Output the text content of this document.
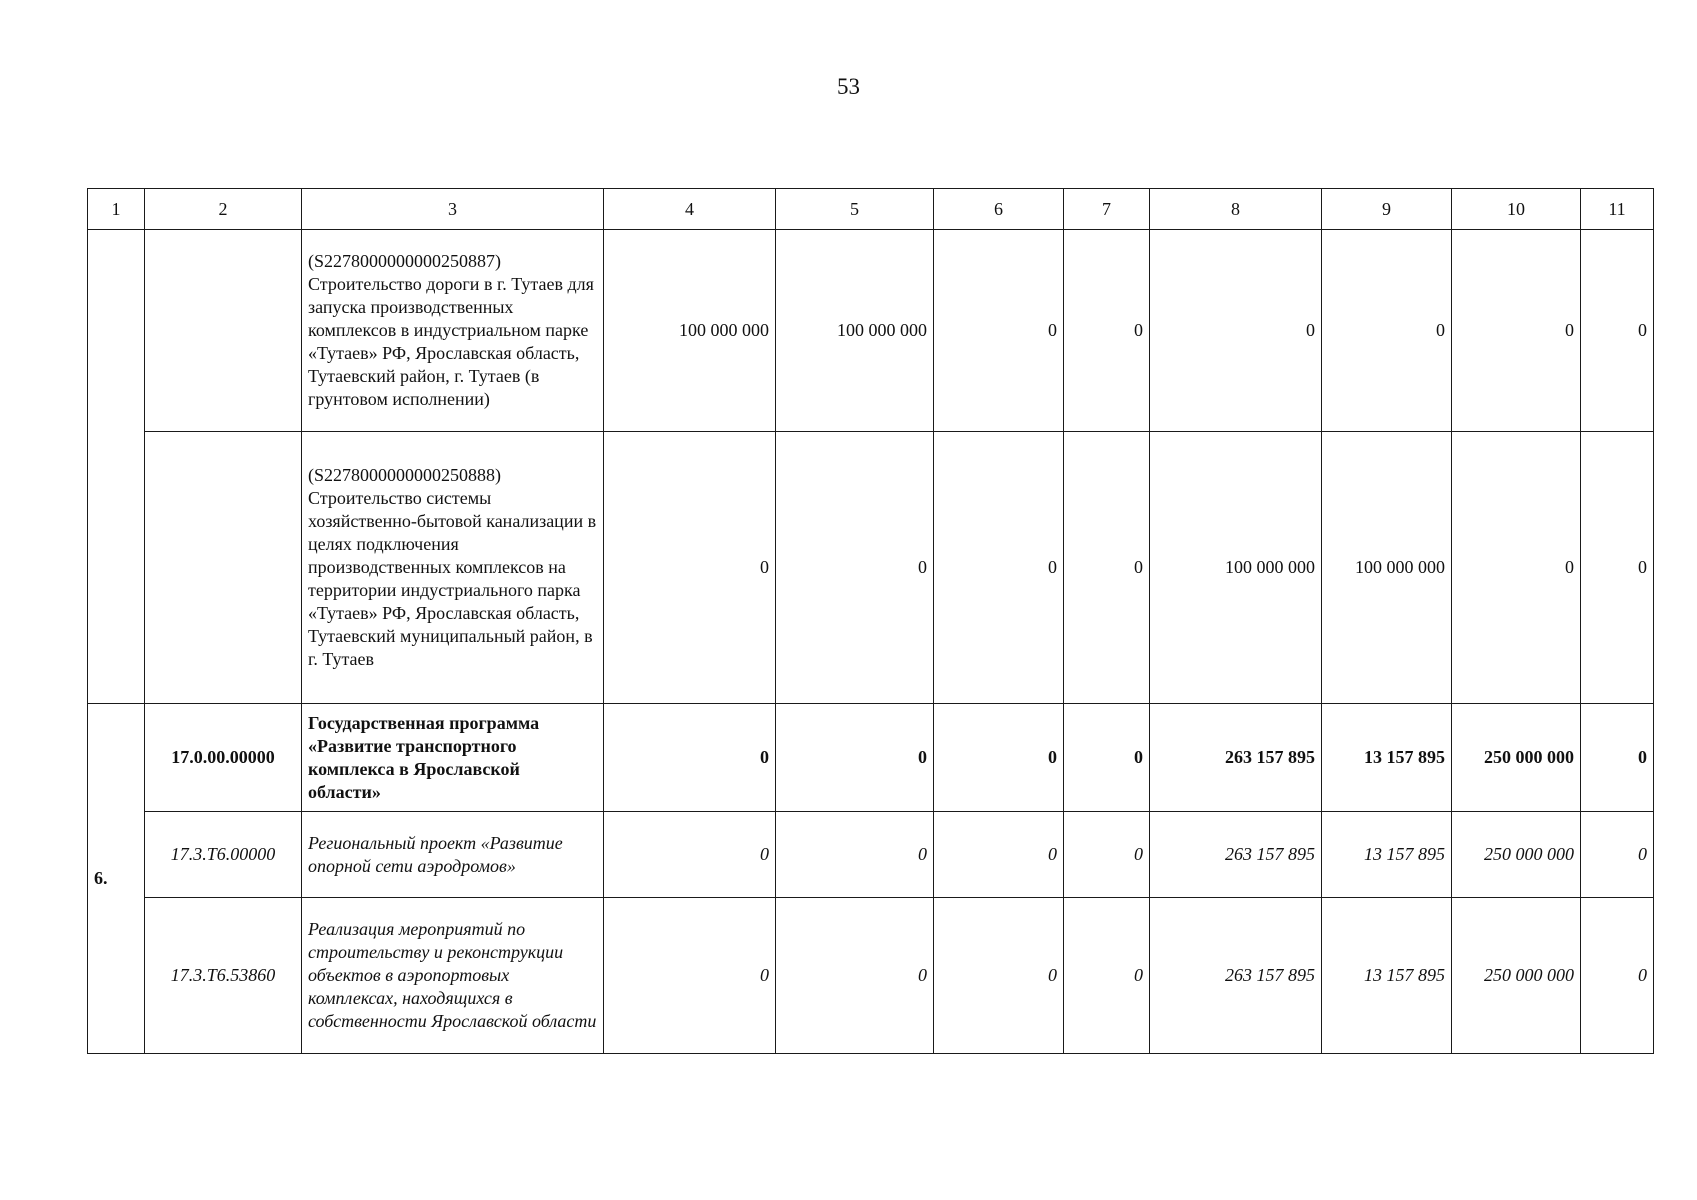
53
1	2	3	4	5	6	7	8	9	10	11
		(S2278000000000250887) Строительство дороги в г. Тутаев для запуска производственных комплексов в индустриальном парке «Тутаев» РФ, Ярославская область, Тутаевский район, г. Тутаев (в грунтовом исполнении)	100 000 000	100 000 000	0	0	0	0	0	0
		(S2278000000000250888) Строительство системы хозяйственно-бытовой канализации в целях подключения производственных комплексов на территории индустриального парка «Тутаев» РФ, Ярославская область, Тутаевский муниципальный район, в г. Тутаев	0	0	0	0	100 000 000	100 000 000	0	0
6.	17.0.00.00000	Государственная программа «Развитие транспортного комплекса в Ярославской области»	0	0	0	0	263 157 895	13 157 895	250 000 000	0
	17.3.Т6.00000	Региональный проект «Развитие опорной сети аэродромов»	0	0	0	0	263 157 895	13 157 895	250 000 000	0
	17.3.Т6.53860	Реализация мероприятий по строительству и реконструкции объектов в аэропортовых комплексах, находящихся в собственности Ярославской области	0	0	0	0	263 157 895	13 157 895	250 000 000	0
